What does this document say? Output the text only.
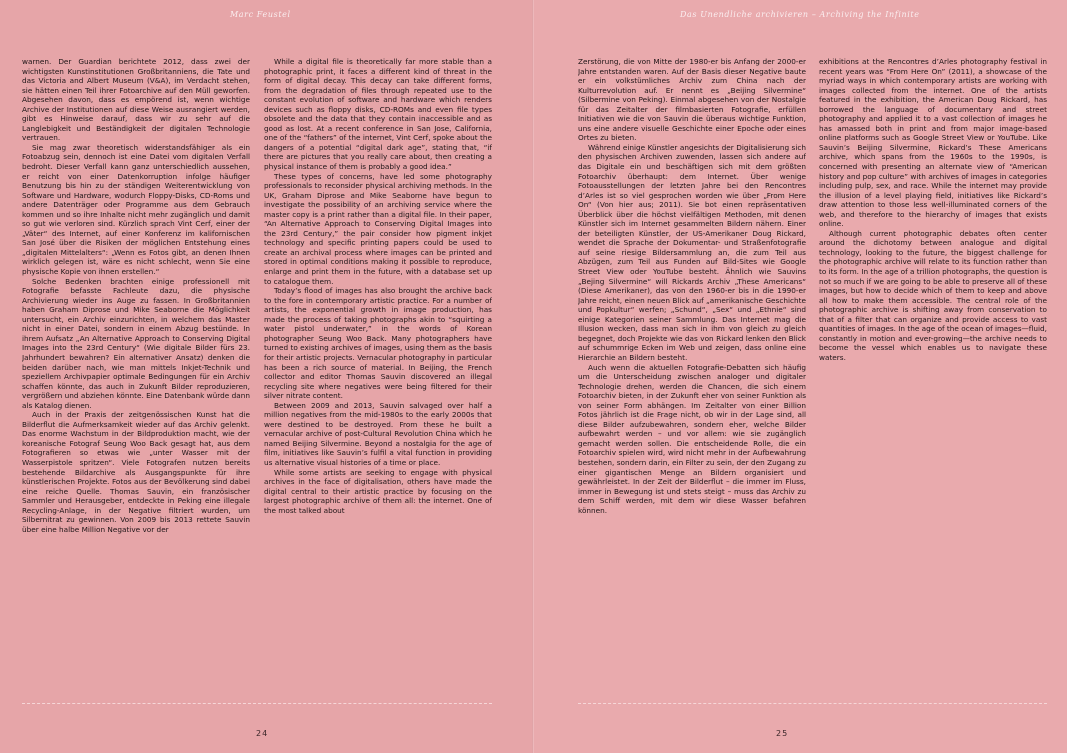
Marc Feustel

warnen. Der Guardian berichtete 2012, dass zwei der wichtigsten Kunstinstitutionen Großbritanniens, die Tate und das Victoria and Albert Museum (V&A), im Verdacht stehen, sie hätten einen Teil ihrer Fotoarchive auf den Müll geworfen. Abgesehen davon, dass es empörend ist, wenn wichtige Archive der Institutionen auf diese Weise ausrangiert werden, gibt es Hinweise darauf, dass wir zu sehr auf die Langlebigkeit und Beständigkeit der digitalen Technologie vertrauen.

Sie mag zwar theoretisch widerstandsfähiger als ein Fotoabzug sein, dennoch ist eine Datei vom digitalen Verfall bedroht. Dieser Verfall kann ganz unterschiedlich aussehen, er reicht von einer Datenkorruption infolge häufiger Benutzung bis hin zu der ständigen Weiterentwicklung von Software und Hardware, wodurch Floppy-Disks, CD-Roms und andere Datenträger oder Programme aus dem Gebrauch kommen und so ihre Inhalte nicht mehr zugänglich und damit so gut wie verloren sind. Kürzlich sprach Vint Cerf, einer der „Väter“ des Internet, auf einer Konferenz im kalifornischen San José über die Risiken der möglichen Entstehung eines „digitalen Mittelalters“: „Wenn es Fotos gibt, an denen Ihnen wirklich gelegen ist, wäre es nicht schlecht, wenn Sie eine physische Kopie von ihnen erstellen.“

Solche Bedenken brachten einige professionell mit Fotografie befasste Fachleute dazu, die physische Archivierung wieder ins Auge zu fassen. In Großbritannien haben Graham Diprose und Mike Seaborne die Möglichkeit untersucht, ein Archiv einzurichten, in welchem das Master nicht in einer Datei, sondern in einem Abzug bestünde. In ihrem Aufsatz „An Alternative Approach to Conserving Digital Images into the 23rd Century“ (Wie digitale Bilder fürs 23. Jahrhundert bewahren? Ein alternativer Ansatz) denken die beiden darüber nach, wie man mittels Inkjet-Technik und speziellem Archivpapier optimale Bedingungen für ein Archiv schaffen könnte, das auch in Zukunft Bilder reproduzieren, vergrößern und abziehen könnte. Eine Datenbank würde dann als Katalog dienen.

Auch in der Praxis der zeitgenössischen Kunst hat die Bilderflut die Aufmerksamkeit wieder auf das Archiv gelenkt. Das enorme Wachstum in der Bildproduktion macht, wie der koreanische Fotograf Seung Woo Back gesagt hat, aus dem Fotografieren so etwas wie „unter Wasser mit der Wasserpistole spritzen“. Viele Fotografen nutzen bereits bestehende Bildarchive als Ausgangspunkte für ihre künstlerischen Projekte. Fotos aus der Bevölkerung sind dabei eine reiche Quelle. Thomas Sauvin, ein französischer Sammler und Herausgeber, entdeckte in Peking eine illegale Recycling-Anlage, in der Negative filtriert wurden, um Silbernitrat zu gewinnen. Von 2009 bis 2013 rettete Sauvin über eine halbe Million Negative vor der

While a digital file is theoretically far more stable than a photographic print, it faces a different kind of threat in the form of digital decay. This decay can take different forms, from the degradation of files through repeated use to the constant evolution of software and hardware which renders devices such as floppy disks, CD-ROMs and even file types obsolete and the data that they contain inaccessible and as good as lost. At a recent conference in San Jose, California, one of the “fathers” of the internet, Vint Cerf, spoke about the dangers of a potential “digital dark age”, stating that, “if there are pictures that you really care about, then creating a physical instance of them is probably a good idea.”

These types of concerns, have led some photography professionals to reconsider physical archiving methods. In the UK, Graham Diprose and Mike Seaborne have begun to investigate the possibility of an archiving service where the master copy is a print rather than a digital file. In their paper, “An Alternative Approach to Conserving Digital Images into the 23rd Century,” the pair consider how pigment inkjet technology and specific printing papers could be used to create an archival process where images can be printed and stored in optimal conditions making it possible to reproduce, enlarge and print them in the future, with a database set up to catalogue them.

Today’s flood of images has also brought the archive back to the fore in contemporary artistic practice. For a number of artists, the exponential growth in image production, has made the process of taking photographs akin to “squirting a water pistol underwater,” in the words of Korean photographer Seung Woo Back. Many photographers have turned to existing archives of images, using them as the basis for their artistic projects. Vernacular photography in particular has been a rich source of material. In Beijing, the French collector and editor Thomas Sauvin discovered an illegal recycling site where negatives were being filtered for their silver nitrate content.

Between 2009 and 2013, Sauvin salvaged over half a million negatives from the mid-1980s to the early 2000s that were destined to be destroyed. From these he built a vernacular archive of post-Cultural Revolution China which he named Beijing Silvermine. Beyond a nostalgia for the age of film, initiatives like Sauvin’s fulfil a vital function in providing us alternative visual histories of a time or place.

While some artists are seeking to engage with physical archives in the face of digitalisation, others have made the digital central to their artistic practice by focusing on the largest photographic archive of them all: the internet. One of the most talked about

24
Das Unendliche archivieren – Archiving the Infinite

Zerstörung, die von Mitte der 1980-er bis Anfang der 2000-er Jahre entstanden waren. Auf der Basis dieser Negative baute er ein volkstümliches Archiv zum China nach der Kulturrevolution auf. Er nennt es „Beijing Silvermine“ (Silbermine von Peking). Einmal abgesehen von der Nostalgie für das Zeitalter der filmbasierten Fotografie, erfüllen Initiativen wie die von Sauvin die überaus wichtige Funktion, uns eine andere visuelle Geschichte einer Epoche oder eines Ortes zu bieten.

Während einige Künstler angesichts der Digitalisierung sich den physischen Archiven zuwenden, lassen sich andere auf das Digitale ein und beschäftigen sich mit dem größten Fotoarchiv überhaupt: dem Internet. Über wenige Fotoausstellungen der letzten Jahre bei den Rencontres d’Arles ist so viel gesprochen worden wie über „From Here On“ (Von hier aus; 2011). Sie bot einen repräsentativen Überblick über die höchst vielfältigen Methoden, mit denen Künstler sich im Internet gesammelten Bildern nähern. Einer der beteiligten Künstler, der US-Amerikaner Doug Rickard, wendet die Sprache der Dokumentar- und Straßenfotografie auf seine riesige Bildersammlung an, die zum Teil aus Abzügen, zum Teil aus Funden auf Bild-Sites wie Google Street View oder YouTube besteht. Ähnlich wie Sauvins „Bejing Silvermine“ will Rickards Archiv „These Americans“ (Diese Amerikaner), das von den 1960-er bis in die 1990-er Jahre reicht, einen neuen Blick auf „amerikanische Geschichte und Popkultur“ werfen; „Schund“, „Sex“ und „Ethnie“ sind einige Kategorien seiner Sammlung. Das Internet mag die Illusion wecken, dass man sich in ihm von gleich zu gleich begegnet, doch Projekte wie das von Rickard lenken den Blick auf schummrige Ecken im Web und zeigen, dass online eine Hierarchie an Bildern besteht.

Auch wenn die aktuellen Fotografie-Debatten sich häufig um die Unterscheidung zwischen analoger und digitaler Technologie drehen, werden die Chancen, die sich einem Fotoarchiv bieten, in der Zukunft eher von seiner Funktion als von seiner Form abhängen. Im Zeitalter von einer Billion Fotos jährlich ist die Frage nicht, ob wir in der Lage sind, all diese Bilder aufzubewahren, sondern eher, welche Bilder aufbewahrt werden – und vor allem: wie sie zugänglich gemacht werden sollen. Die entscheidende Rolle, die ein Fotoarchiv spielen wird, wird nicht mehr in der Aufbewahrung bestehen, sondern darin, ein Filter zu sein, der den Zugang zu einer gigantischen Menge an Bildern organisiert und gewährleistet. In der Zeit der Bilderflut – die immer im Fluss, immer in Bewegung ist und stets steigt – muss das Archiv zu dem Schiff werden, mit dem wir diese Wasser befahren können.

exhibitions at the Rencontres d’Arles photography festival in recent years was “From Here On” (2011), a showcase of the myriad ways in which contemporary artists are working with images collected from the internet. One of the artists featured in the exhibition, the American Doug Rickard, has borrowed the language of documentary and street photography and applied it to a vast collection of images he has amassed both in print and from major image-based online platforms such as Google Street View or YouTube. Like Sauvin’s Beijing Silvermine, Rickard’s These Americans archive, which spans from the 1960s to the 1990s, is concerned with presenting an alternate view of “American history and pop culture” with archives of images in categories including pulp, sex, and race. While the internet may provide the illusion of a level playing field, initiatives like Rickard’s draw attention to those less well-illuminated corners of the web, and therefore to the hierarchy of images that exists online.

Although current photographic debates often center around the dichotomy between analogue and digital technology, looking to the future, the biggest challenge for the photographic archive will relate to its function rather than to its form. In the age of a trillion photographs, the question is not so much if we are going to be able to preserve all of these images, but how to decide which of them to keep and above all how to make them accessible. The central role of the photographic archive is shifting away from conservation to that of a filter that can organize and provide access to vast quantities of images. In the age of the ocean of images—fluid, constantly in motion and ever-growing—the archive needs to become the vessel which enables us to navigate these waters.

25
